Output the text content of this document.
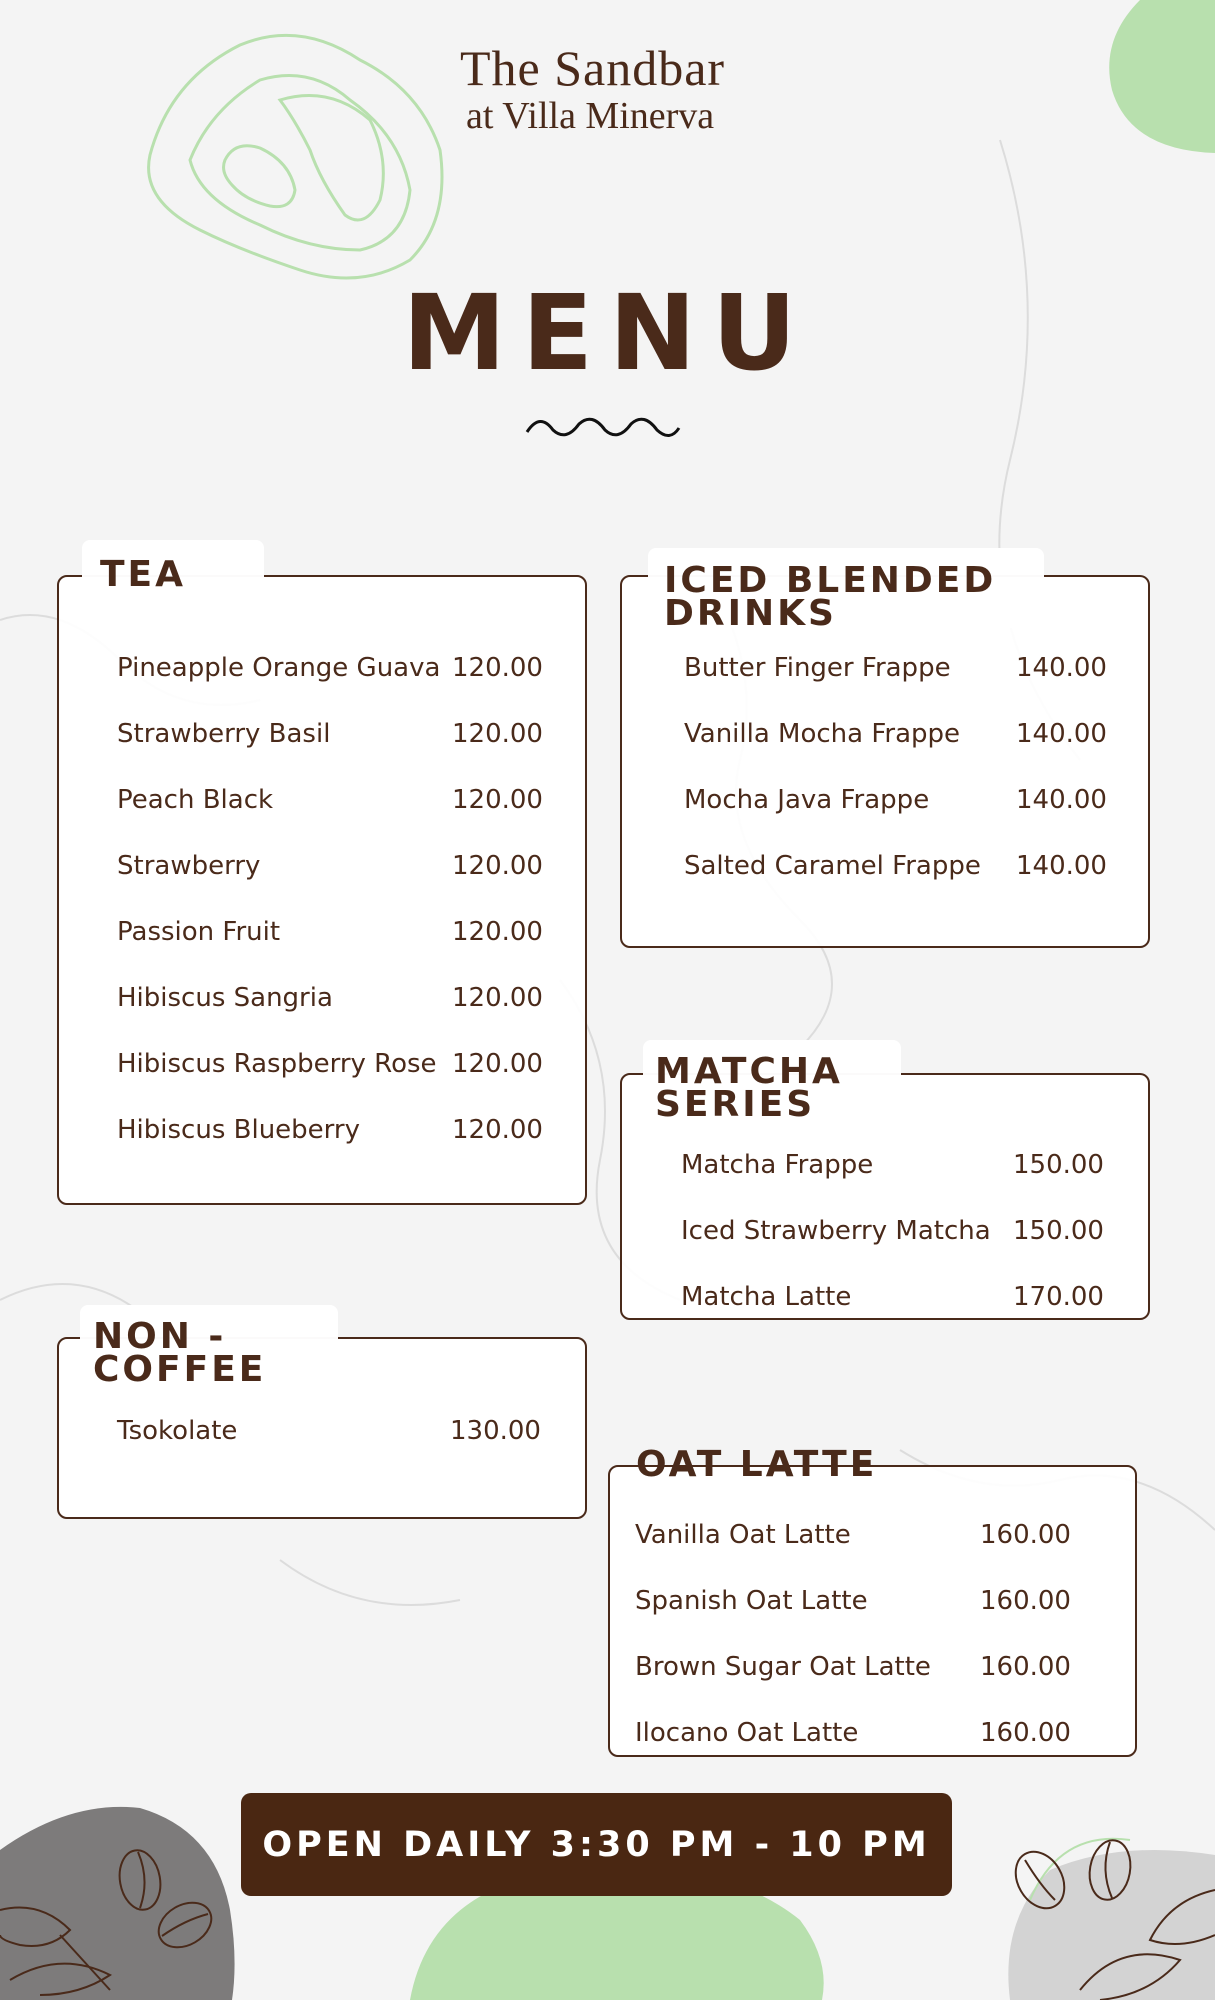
The Sandbar
at Villa Minerva
MENU
TEA
Pineapple Orange Guava 120.00
Strawberry Basil	120.00
Peach Black	120.00
Strawberry	120.00
Passion Fruit	120.00
Hibiscus Sangria	120.00
Hibiscus Raspberry Rose 120.00
Hibiscus Blueberry	120.00
ICED BLENDED
DRINKS
Butter Finger Frappe	140.00
Vanilla Mocha Frappe 140.00
Mocha Java Frappe	140.00
Salted Caramel Frappe 140.00
MATCHA
SERIES
Matcha Frappe	150.00
Iced Strawberry Matcha 150.00
Matcha Latte	170.00
NON -
COFFEE
Tsokolate	130.00
OAT LATTE
Vanilla Oat Latte	160.00
Spanish Oat Latte	160.00
Brown Sugar Oat Latte 160.00
Ilocano Oat Latte	160.00
OPEN DAILY 3:30 PM - 10 PM
